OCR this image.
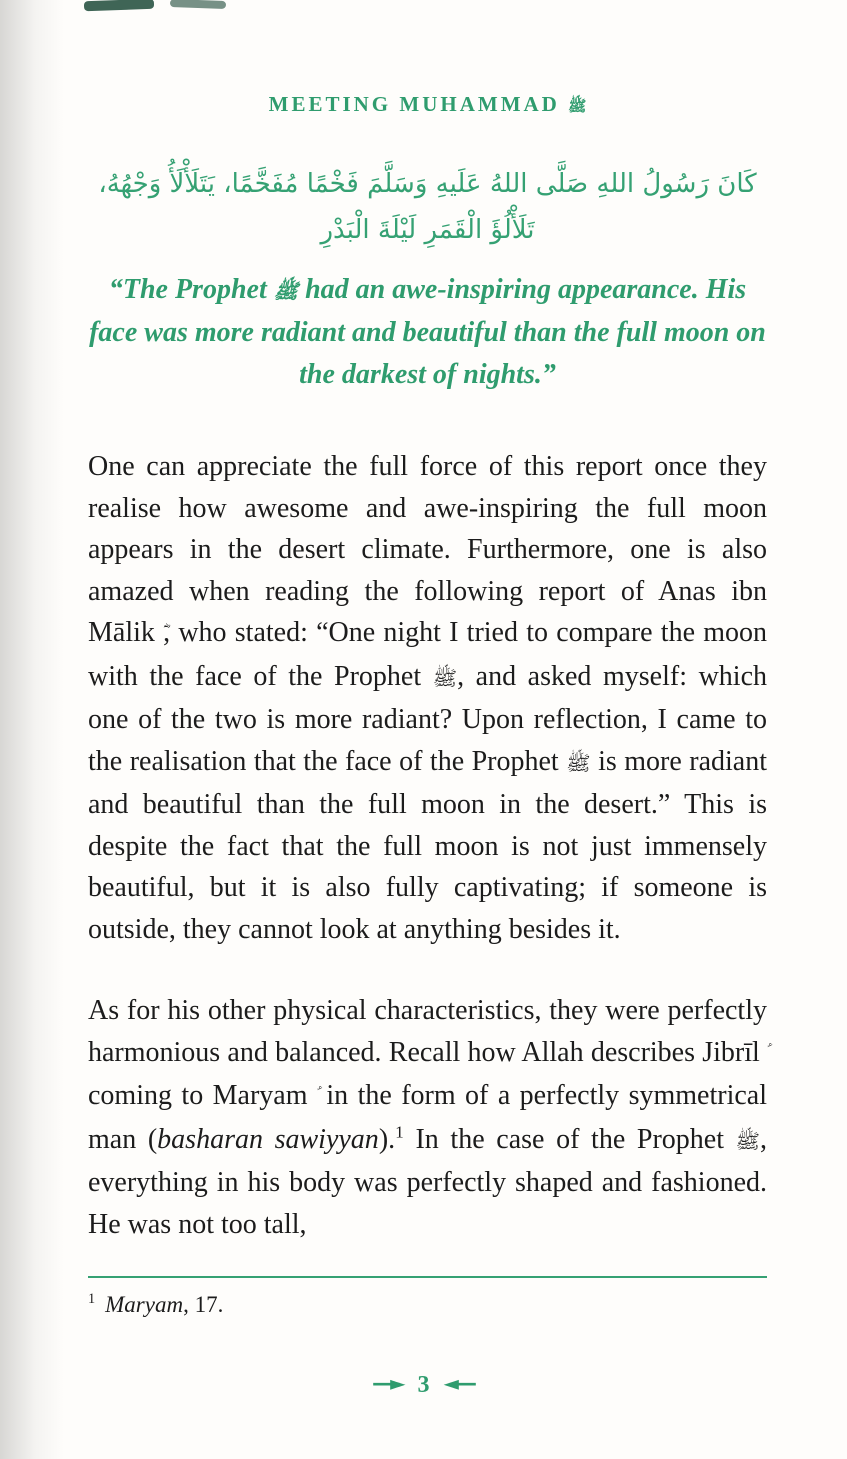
MEETING MUHAMMAD ﷺ
كَانَ رَسُولُ اللهِ صَلَّى اللهُ عَلَيهِ وَسَلَّمَ فَخْمًا مُفَخَّمًا، يَتَلَأْلَأُ وَجْهُهُ،
تَلَأْلُؤَ الْقَمَرِ لَيْلَةَ الْبَدْرِ
“The Prophet ﷺ had an awe-inspiring appearance. His face was more radiant and beautiful than the full moon on the darkest of nights.”

One can appreciate the full force of this report once they realise how awesome and awe-inspiring the full moon appears in the desert climate. Furthermore, one is also amazed when reading the following report of Anas ibn Mālik , who stated: “One night I tried to compare the moon with the face of the Prophet ﷺ, and asked myself: which one of the two is more radiant? Upon reflection, I came to the realisation that the face of the Prophet ﷺ is more radiant and beautiful than the full moon in the desert.” This is despite the fact that the full moon is not just immensely beautiful, but it is also fully captivating; if someone is outside, they cannot look at anything besides it.

As for his other physical characteristics, they were perfectly harmonious and balanced. Recall how Allah describes Jibrīl coming to Maryam in the form of a perfectly symmetrical man (basharan sawiyyan).$^1$ In the case of the Prophet ﷺ, everything in his body was perfectly shaped and fashioned. He was not too tall,

$^1$ Maryam, 17.
—► 3 ◄—
